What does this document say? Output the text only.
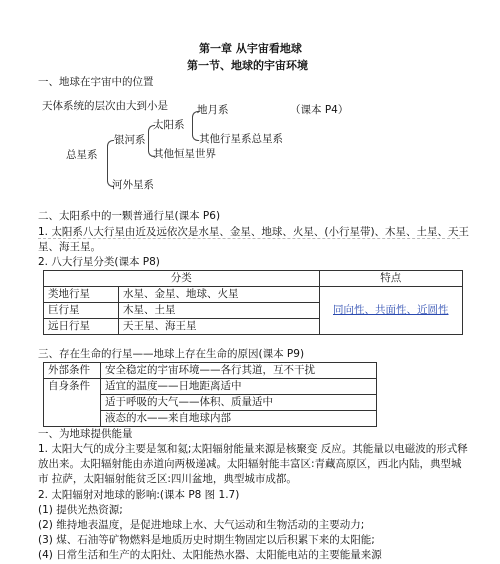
第一章 从宇宙看地球
第一节、地球的宇宙环境
一、地球在宇宙中的位置
天体系统的层次由大到小是	地月系	（课本 P4）
太阳系
其他行星系总星系
银河系
其他恒星世界
总星系
河外星系
二、太阳系中的一颗普通行星(课本 P6)
1. 太阳系八大行星由近及远依次是水星、金星、地球、火星、(小行星带)、木星、土星、天王
星、海王星。
2. 八大行星分类(课本 P8)
分类		特点
类地行星	水星、金星、地球、火星	同向性、共面性、近圆性
巨行星	木星、土星	
远日行星	天王星、海王星	
三、存在生命的行星——地球上存在生命的原因(课本 P9)
外部条件	安全稳定的宇宙环境——各行其道，互不干扰
自身条件	适宜的温度——日地距离适中
	适于呼吸的大气——体积、质量适中
	液态的水——来自地球内部
一、为地球提供能量
1. 太阳大气的成分主要是氢和氦;太阳辐射能量来源是核聚变 反应。其能量以电磁波的形式释
放出来。太阳辐射能由赤道向两极递减。太阳辐射能丰富区:青藏高原区，西北内陆，典型城
市 拉萨，太阳辐射能贫乏区:四川盆地，典型城市成都。
2. 太阳辐射对地球的影响:(课本 P8 图 1.7)
(1) 提供光热资源;
(2) 维持地表温度，是促进地球上水、大气运动和生物活动的主要动力;
(3) 煤、石油等矿物燃料是地质历史时期生物固定以后积累下来的太阳能;
(4) 日常生活和生产的太阳灶、太阳能热水器、太阳能电站的主要能量来源
